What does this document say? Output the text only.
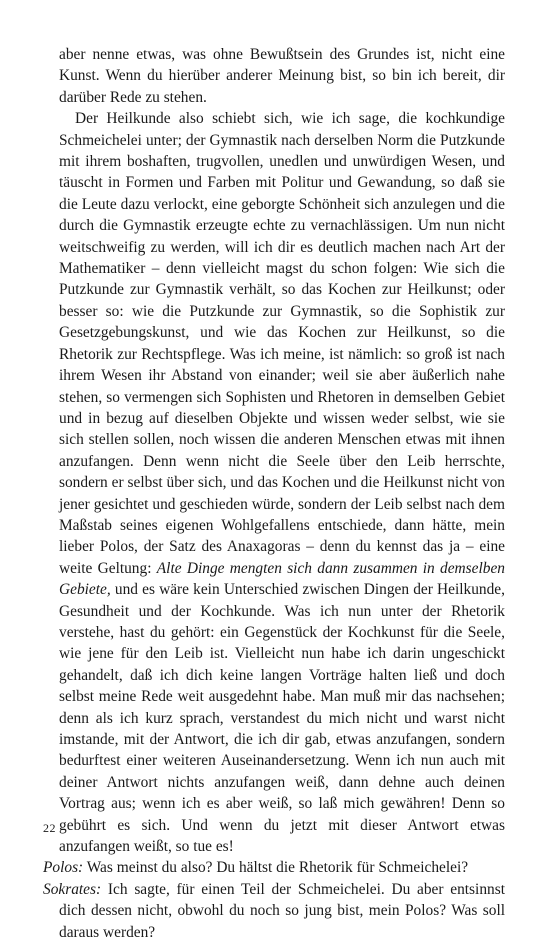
aber nenne etwas, was ohne Bewußtsein des Grundes ist, nicht eine Kunst. Wenn du hierüber anderer Meinung bist, so bin ich bereit, dir darüber Rede zu stehen.

Der Heilkunde also schiebt sich, wie ich sage, die kochkundige Schmeichelei unter; der Gymnastik nach derselben Norm die Putzkunde mit ihrem boshaften, trugvollen, unedlen und unwürdigen Wesen, und täuscht in Formen und Farben mit Politur und Gewandung, so daß sie die Leute dazu verlockt, eine geborgte Schönheit sich anzulegen und die durch die Gymnastik erzeugte echte zu vernachlässigen. Um nun nicht weitschweifig zu werden, will ich dir es deutlich machen nach Art der Mathematiker – denn vielleicht magst du schon folgen: Wie sich die Putzkunde zur Gymnastik verhält, so das Kochen zur Heilkunst; oder besser so: wie die Putzkunde zur Gymnastik, so die Sophistik zur Gesetzgebungskunst, und wie das Kochen zur Heilkunst, so die Rhetorik zur Rechtspflege. Was ich meine, ist nämlich: so groß ist nach ihrem Wesen ihr Abstand von einander; weil sie aber äußerlich nahe stehen, so vermengen sich Sophisten und Rhetoren in demselben Gebiet und in bezug auf dieselben Objekte und wissen weder selbst, wie sie sich stellen sollen, noch wissen die anderen Menschen etwas mit ihnen anzufangen. Denn wenn nicht die Seele über den Leib herrschte, sondern er selbst über sich, und das Kochen und die Heilkunst nicht von jener gesichtet und geschieden würde, sondern der Leib selbst nach dem Maßstab seines eigenen Wohlgefallens entschiede, dann hätte, mein lieber Polos, der Satz des Anaxagoras – denn du kennst das ja – eine weite Geltung: Alte Dinge mengten sich dann zusammen in demselben Gebiete, und es wäre kein Unterschied zwischen Dingen der Heilkunde, Gesundheit und der Kochkunde. Was ich nun unter der Rhetorik verstehe, hast du gehört: ein Gegenstück der Kochkunst für die Seele, wie jene für den Leib ist. Vielleicht nun habe ich darin ungeschickt gehandelt, daß ich dich keine langen Vorträge halten ließ und doch selbst meine Rede weit ausgedehnt habe. Man muß mir das nachsehen; denn als ich kurz sprach, verstandest du mich nicht und warst nicht imstande, mit der Antwort, die ich dir gab, etwas anzufangen, sondern bedurftest einer weiteren Auseinandersetzung. Wenn ich nun auch mit deiner Antwort nichts anzufangen weiß, dann dehne auch deinen Vortrag aus; wenn ich es aber weiß, so laß mich gewähren! Denn so gebührt es sich. Und wenn du jetzt mit dieser Antwort etwas anzufangen weißt, so tue es!

Polos: Was meinst du also? Du hältst die Rhetorik für Schmeichelei?

Sokrates: Ich sagte, für einen Teil der Schmeichelei. Du aber entsinnst dich dessen nicht, obwohl du noch so jung bist, mein Polos? Was soll daraus werden?

22
